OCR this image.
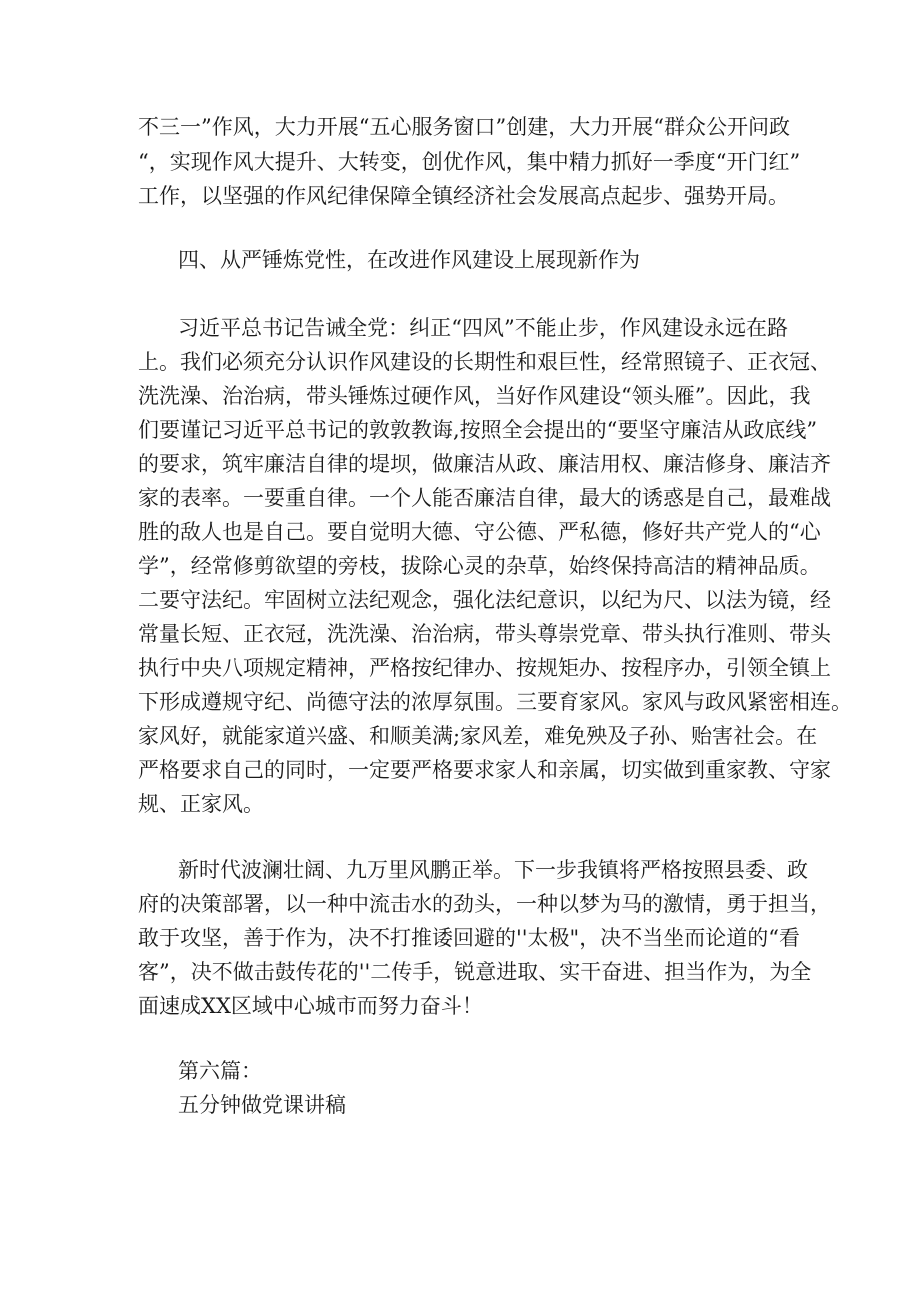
不三一”作风，大力开展“五心服务窗口”创建，大力开展“群众公开问政
“，实现作风大提升、大转变，创优作风，集中精力抓好一季度“开门红”
工作，以坚强的作风纪律保障全镇经济社会发展高点起步、强势开局。
四、从严锤炼党性，在改进作风建设上展现新作为
习近平总书记告诫全党：纠正“四风”不能止步，作风建设永远在路
上。我们必须充分认识作风建设的长期性和艰巨性，经常照镜子、正衣冠、
洗洗澡、治治病，带头锤炼过硬作风，当好作风建设“领头雁”。因此，我
们要谨记习近平总书记的敦敦教诲,按照全会提出的“要坚守廉洁从政底线”
的要求，筑牢廉洁自律的堤坝，做廉洁从政、廉洁用权、廉洁修身、廉洁齐
家的表率。一要重自律。一个人能否廉洁自律，最大的诱惑是自己，最难战
胜的敌人也是自己。要自觉明大德、守公德、严私德，修好共产党人的“心
学”，经常修剪欲望的旁枝，拔除心灵的杂草，始终保持高洁的精神品质。
二要守法纪。牢固树立法纪观念，强化法纪意识，以纪为尺、以法为镜，经
常量长短、正衣冠，洗洗澡、治治病，带头尊崇党章、带头执行准则、带头
执行中央八项规定精神，严格按纪律办、按规矩办、按程序办，引领全镇上
下形成遵规守纪、尚德守法的浓厚氛围。三要育家风。家风与政风紧密相连。
家风好，就能家道兴盛、和顺美满;家风差，难免殃及子孙、贻害社会。在
严格要求自己的同时，一定要严格要求家人和亲属，切实做到重家教、守家
规、正家风。
新时代波澜壮阔、九万里风鹏正举。下一步我镇将严格按照县委、政
府的决策部署，以一种中流击水的劲头，一种以梦为马的激情，勇于担当，
敢于攻坚，善于作为，决不打推诿回避的''太极"，决不当坐而论道的“看
客”，决不做击鼓传花的''二传手，锐意进取、实干奋进、担当作为，为全
面速成XX区域中心城市而努力奋斗！
第六篇：
五分钟做党课讲稿
